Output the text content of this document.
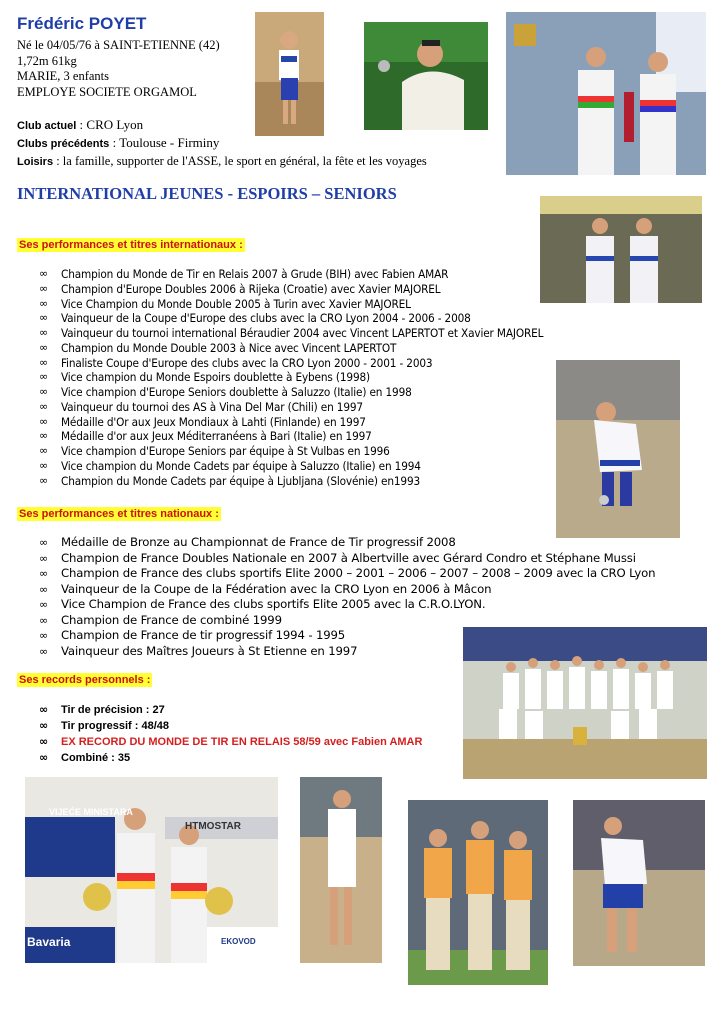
Frédéric POYET
Né le 04/05/76 à SAINT-ETIENNE (42)
1,72m 61kg
MARIE, 3 enfants
EMPLOYE SOCIETE ORGAMOL
Club actuel : CRO Lyon
Clubs précédents : Toulouse - Firminy
Loisirs : la famille, supporter de l'ASSE, le sport en général, la fête et les voyages
INTERNATIONAL JEUNES - ESPOIRS – SENIORS
Ses performances et titres internationaux :
∞ Champion du Monde de Tir en Relais 2007 à Grude (BIH) avec Fabien AMAR
∞ Champion d'Europe Doubles 2006 à Rijeka (Croatie) avec Xavier MAJOREL
∞ Vice Champion du Monde Double 2005 à Turin avec Xavier MAJOREL
∞ Vainqueur de la Coupe d'Europe des clubs avec la CRO Lyon 2004 - 2006 - 2008
∞ Vainqueur du tournoi international Béraudier 2004 avec Vincent LAPERTOT et Xavier MAJOREL
∞ Champion du Monde Double 2003 à Nice avec Vincent LAPERTOT
∞ Finaliste Coupe d'Europe des clubs avec la CRO Lyon 2000 - 2001 - 2003
∞ Vice champion du Monde Espoirs doublette à Eybens (1998)
∞ Vice champion d'Europe Seniors doublette à Saluzzo (Italie) en 1998
∞ Vainqueur du tournoi des AS à Vina Del Mar (Chili) en 1997
∞ Médaille d'Or aux Jeux Mondiaux à Lahti (Finlande) en 1997
∞ Médaille d'or aux Jeux Méditerranéens à Bari (Italie) en 1997
∞ Vice champion d'Europe Seniors par équipe à St Vulbas en 1996
∞ Vice champion du Monde Cadets par équipe à Saluzzo (Italie) en 1994
∞ Champion du Monde Cadets par équipe à Ljubljana (Slovénie) en1993
Ses performances et titres nationaux :
∞ Médaille de Bronze au Championnat de France de Tir progressif 2008
∞ Champion de France Doubles Nationale en 2007 à Albertville avec Gérard Condro et Stéphane Mussi
∞ Champion de France des clubs sportifs Elite 2000 – 2001 – 2006 – 2007 – 2008 – 2009 avec la CRO Lyon
∞ Vainqueur de la Coupe de la Fédération avec la CRO Lyon en 2006 à Mâcon
∞ Vice Champion de France des clubs sportifs Elite 2005 avec la C.R.O.LYON.
∞ Champion de France de combiné 1999
∞ Champion de France de tir progressif 1994 - 1995
∞ Vainqueur des Maîtres Joueurs à St Etienne en 1997
Ses records personnels :
∞ Tir de précision : 27
∞ Tir progressif : 48/48
∞ EX RECORD DU MONDE DE TIR EN RELAIS 58/59 avec Fabien AMAR
∞ Combiné : 35
VIJEĆE MINISTARA
HTMOSTAR
Bavaria	EKOVOD
